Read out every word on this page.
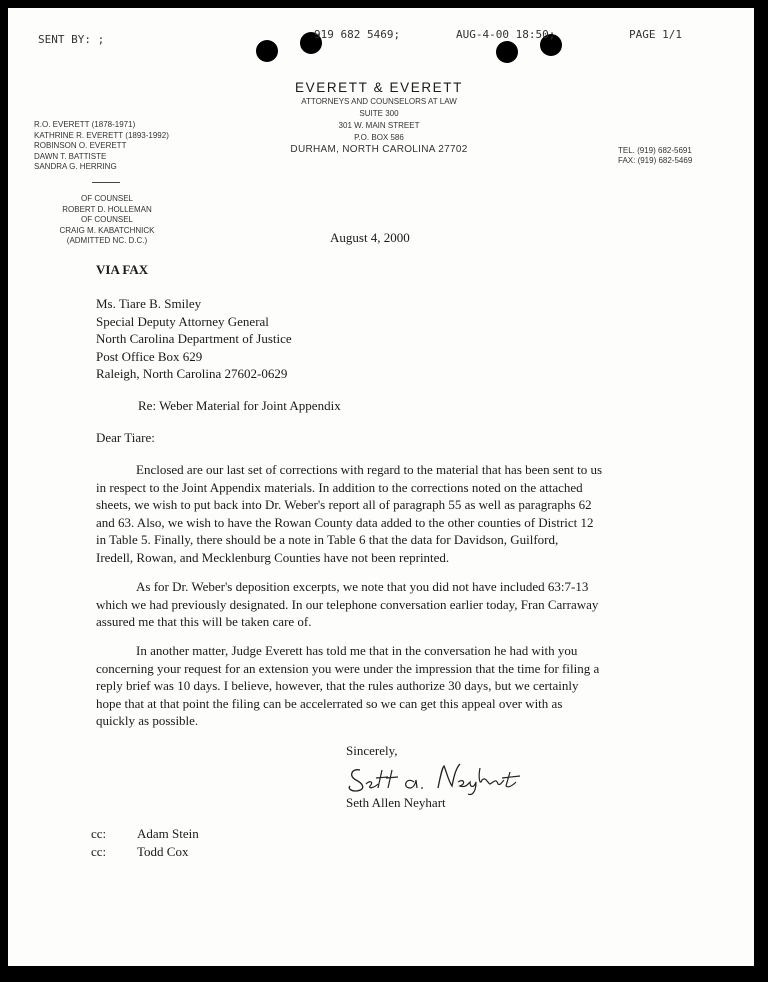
SENT BY: ;	919 682 5469;	AUG-4-00 18:50;	PAGE 1/1
EVERETT & EVERETT
ATTORNEYS AND COUNSELORS AT LAW
SUITE 300
301 W. MAIN STREET
P.O. BOX 586
DURHAM, NORTH CAROLINA 27702	TEL. (919) 682-5691
FAX: (919) 682-5469
R.O. EVERETT (1878-1971)
KATHRINE R. EVERETT (1893-1992)
ROBINSON O. EVERETT
DAWN T. BATTISTE
SANDRA G. HERRING
OF COUNSEL
ROBERT D. HOLLEMAN
OF COUNSEL
CRAIG M. KABATCHNICK
(ADMITTED NC. D.C.)	August 4, 2000
VIA FAX
Ms. Tiare B. Smiley
Special Deputy Attorney General
North Carolina Department of Justice
Post Office Box 629
Raleigh, North Carolina 27602-0629
Re: Weber Material for Joint Appendix
Dear Tiare:
Enclosed are our last set of corrections with regard to the material that has been sent to us
in respect to the Joint Appendix materials. In addition to the corrections noted on the attached
sheets, we wish to put back into Dr. Weber's report all of paragraph 55 as well as paragraphs 62
and 63. Also, we wish to have the Rowan County data added to the other counties of District 12
in Table 5. Finally, there should be a note in Table 6 that the data for Davidson, Guilford,
Iredell, Rowan, and Mecklenburg Counties have not been reprinted.
As for Dr. Weber's deposition excerpts, we note that you did not have included 63:7-13
which we had previously designated. In our telephone conversation earlier today, Fran Carraway
assured me that this will be taken care of.
In another matter, Judge Everett has told me that in the conversation he had with you
concerning your request for an extension you were under the impression that the time for filing a
reply brief was 10 days. I believe, however, that the rules authorize 30 days, but we certainly
hope that at that point the filing can be accelerrated so we can get this appeal over with as
quickly as possible.
Sincerely,
Seth Allen Neyhart
cc: Adam Stein
cc: Todd Cox
